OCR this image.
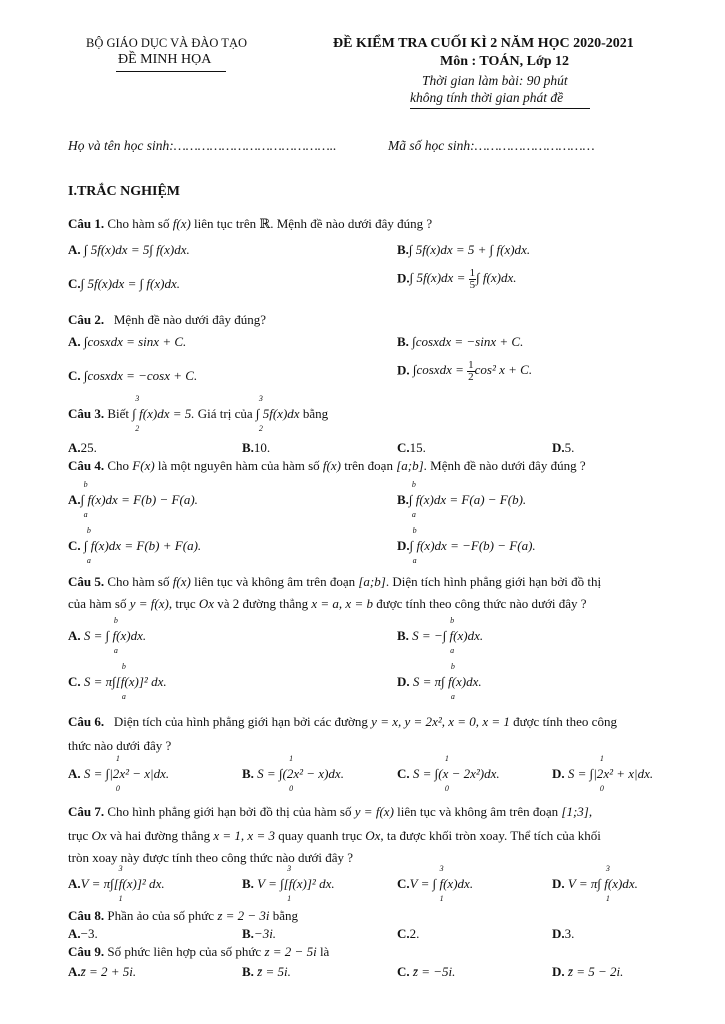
BỘ GIÁO DỤC VÀ ĐÀO TẠO
ĐỀ MINH HỌA
ĐỀ KIỂM TRA CUỐI KÌ 2 NĂM HỌC 2020-2021
Môn : TOÁN, Lớp 12
Thời gian làm bài: 90 phút
không tính thời gian phát đề
Họ và tên học sinh:…………………………………..	Mã số học sinh:…………………………
I.TRẮC NGHIỆM
Câu 1. Cho hàm số f(x) liên tục trên ℝ. Mệnh đề nào dưới đây đúng ?
A. ∫ 5f(x)dx = 5∫ f(x)dx.	B.∫ 5f(x)dx = 5 + ∫ f(x)dx.
C.∫ 5f(x)dx = ∫ f(x)dx.	D.∫ $5f(x)dx = \frac{1}{5}$ ∫ f(x)dx.
Câu 2. Mệnh đề nào dưới đây đúng?
A. ∫cosxdx = sinx + C.	B. ∫cosxdx = −sinx + C.
C. ∫cosxdx = −cosx + C.	D. ∫cosxdx = $\frac{1}{2} \cos^2$ x + C.
Câu 3. Biết ∫ f(x)dx = 5.
3
2
Giá trị của ∫ 5f(x)dx
3
2
bằng
A.25.	B.10.	C.15.	D.5.
Câu 4. Cho F(x) là một nguyên hàm của hàm số f(x) trên đoạn [a;b]. Mệnh đề nào dưới đây đúng ?
A.∫ f(x)dx = F(b) − F(a).
b
a
B.∫ f(x)dx = F(a) − F(b).
b
a
C. ∫ f(x)dx = F(b) + F(a).
b
a
D.∫ f(x)dx = −F(b) − F(a).
b
a
Câu 5. Cho hàm số f(x) liên tục và không âm trên đoạn [a;b]. Diện tích hình phẳng giới hạn bởi đồ thị
của hàm số y = f(x), trục Ox và 2 đường thẳng x = a, x = b được tính theo công thức nào dưới đây ?
A. S = ∫ f(x)dx.
b
a
B. S = −∫ f(x)dx.
b
a
C. S = π∫[f(x)]² dx.
b
a
D. S = π∫ f(x)dx.
b
a
Câu 6. Diện tích của hình phẳng giới hạn bởi các đường y = x, y = 2x², x = 0, x = 1 được tính theo công
thức nào dưới đây ?
A. S = ∫|2x² − x|dx.
1
0
B. S = ∫(2x² − x)dx.
1
0
C. S = ∫(x − 2x²)dx.
1
0
D. S = ∫|2x² + x|dx.
1
0
Câu 7. Cho hình phẳng giới hạn bởi đồ thị của hàm số y = f(x) liên tục và không âm trên đoạn [1;3],
trục Ox và hai đường thẳng x = 1, x = 3 quay quanh trục Ox, ta được khối tròn xoay. Thể tích của khối
tròn xoay này được tính theo công thức nào dưới đây ?
A.V = π∫[f(x)]² dx.
3
1
B. V = ∫[f(x)]² dx.
3
1
C.V = ∫ f(x)dx.
3
1
D. V = π∫ f(x)dx.
3
1
Câu 8. Phần ảo của số phức z = 2 − 3i bằng
A.−3.	B.−3i.	C.2.	D.3.
Câu 9. Số phức liên hợp của số phức z = 2 − 5i là
A.z̄ = 2 + 5i.	B. z̄ = 5i.	C. z̄ = −5i.	D. z̄ = 5 − 2i.
